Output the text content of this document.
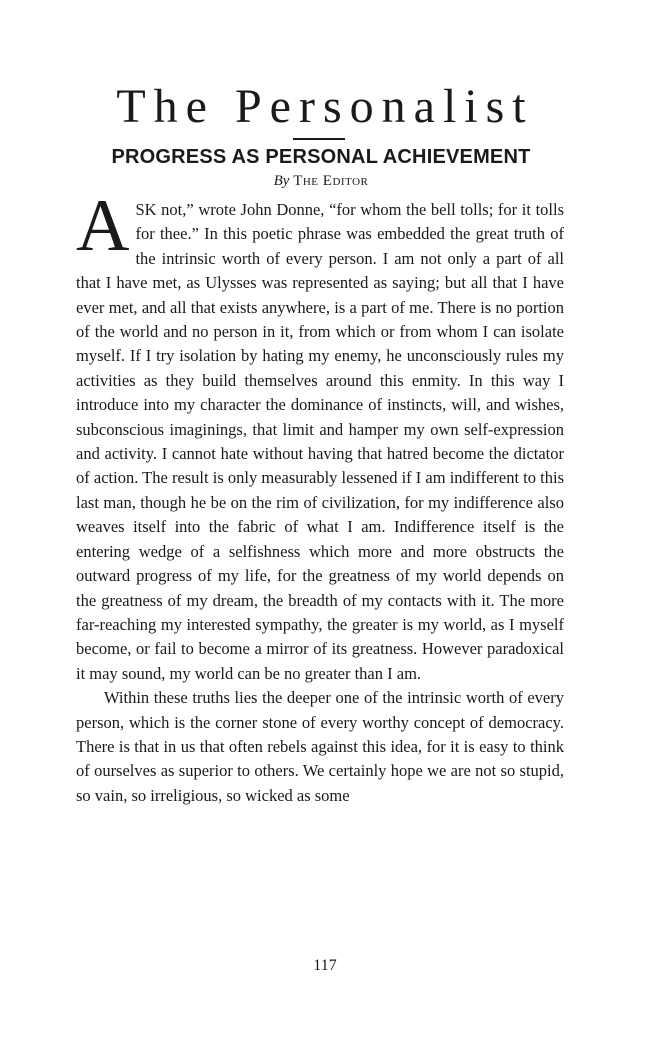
The Personalist
PROGRESS AS PERSONAL ACHIEVEMENT
By The Editor

ASK not,” wrote John Donne, “for whom the bell tolls; for it tolls for thee.” In this poetic phrase was embedded the great truth of the intrinsic worth of every person. I am not only a part of all that I have met, as Ulysses was represented as saying; but all that I have ever met, and all that exists anywhere, is a part of me. There is no portion of the world and no person in it, from which or from whom I can isolate myself. If I try isolation by hating my enemy, he unconsciously rules my activities as they build themselves around this enmity. In this way I introduce into my character the dominance of instincts, will, and wishes, subconscious imaginings, that limit and hamper my own self-expression and activity. I cannot hate without having that hatred become the dictator of action. The result is only measurably lessened if I am indifferent to this last man, though he be on the rim of civilization, for my indifference also weaves itself into the fabric of what I am. Indifference itself is the entering wedge of a selfishness which more and more obstructs the outward progress of my life, for the greatness of my world depends on the greatness of my dream, the breadth of my contacts with it. The more far-reaching my interested sympathy, the greater is my world, as I myself become, or fail to become a mirror of its greatness. However paradoxical it may sound, my world can be no greater than I am.

Within these truths lies the deeper one of the intrinsic worth of every person, which is the corner stone of every worthy concept of democracy. There is that in us that often rebels against this idea, for it is easy to think of ourselves as superior to others. We certainly hope we are not so stupid, so vain, so irreligious, so wicked as some

117
